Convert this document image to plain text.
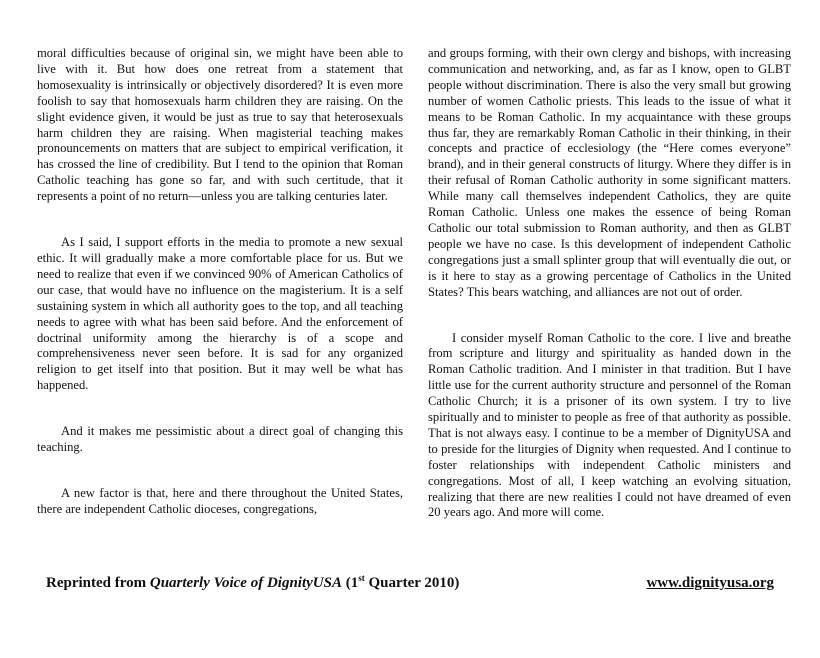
moral difficulties because of original sin, we might have been able to live with it. But how does one retreat from a statement that homosexuality is intrinsically or objectively disordered? It is even more foolish to say that homosexuals harm children they are raising. On the slight evidence given, it would be just as true to say that heterosexuals harm children they are raising. When magisterial teaching makes pronouncements on matters that are subject to empirical verification, it has crossed the line of credibility. But I tend to the opinion that Roman Catholic teaching has gone so far, and with such certitude, that it represents a point of no return—unless you are talking centuries later.

As I said, I support efforts in the media to promote a new sexual ethic. It will gradually make a more comfortable place for us. But we need to realize that even if we convinced 90% of American Catholics of our case, that would have no influence on the magisterium. It is a self sustaining system in which all authority goes to the top, and all teaching needs to agree with what has been said before. And the enforcement of doctrinal uniformity among the hierarchy is of a scope and comprehensiveness never seen before. It is sad for any organized religion to get itself into that position. But it may well be what has happened.

And it makes me pessimistic about a direct goal of changing this teaching.

A new factor is that, here and there throughout the United States, there are independent Catholic dioceses, congregations,

and groups forming, with their own clergy and bishops, with increasing communication and networking, and, as far as I know, open to GLBT people without discrimination. There is also the very small but growing number of women Catholic priests. This leads to the issue of what it means to be Roman Catholic. In my acquaintance with these groups thus far, they are remarkably Roman Catholic in their thinking, in their concepts and practice of ecclesiology (the “Here comes everyone” brand), and in their general constructs of liturgy. Where they differ is in their refusal of Roman Catholic authority in some significant matters. While many call themselves independent Catholics, they are quite Roman Catholic. Unless one makes the essence of being Roman Catholic our total submission to Roman authority, and then as GLBT people we have no case. Is this development of independent Catholic congregations just a small splinter group that will eventually die out, or is it here to stay as a growing percentage of Catholics in the United States? This bears watching, and alliances are not out of order.

I consider myself Roman Catholic to the core. I live and breathe from scripture and liturgy and spirituality as handed down in the Roman Catholic tradition. And I minister in that tradition. But I have little use for the current authority structure and personnel of the Roman Catholic Church; it is a prisoner of its own system. I try to live spiritually and to minister to people as free of that authority as possible. That is not always easy. I continue to be a member of DignityUSA and to preside for the liturgies of Dignity when requested. And I continue to foster relationships with independent Catholic ministers and congregations. Most of all, I keep watching an evolving situation, realizing that there are new realities I could not have dreamed of even 20 years ago. And more will come.

Reprinted from Quarterly Voice of DignityUSA (1st Quarter 2010)	www.dignityusa.org
